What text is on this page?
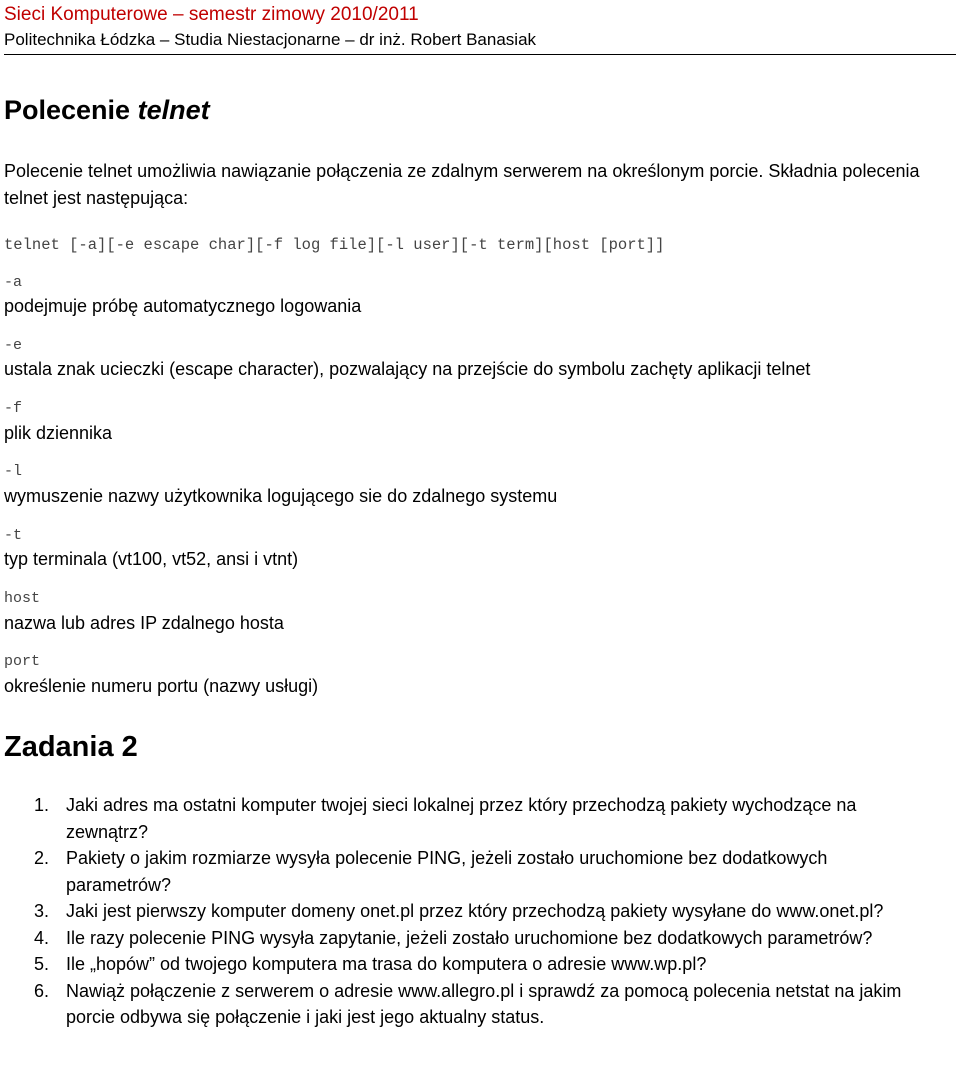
Sieci Komputerowe – semestr zimowy 2010/2011
Politechnika Łódzka – Studia Niestacjonarne – dr inż. Robert Banasiak
Polecenie telnet

Polecenie telnet umożliwia nawiązanie połączenia ze zdalnym serwerem na określonym porcie. Składnia polecenia telnet jest następująca:

telnet [-a][-e escape char][-f log file][-l user][-t term][host [port]]
-a
podejmuje próbę automatycznego logowania
-e
ustala znak ucieczki (escape character), pozwalający na przejście do symbolu zachęty aplikacji telnet
-f
plik dziennika
-l
wymuszenie nazwy użytkownika logującego sie do zdalnego systemu
-t
typ terminala (vt100, vt52, ansi i vtnt)
host
nazwa lub adres IP zdalnego hosta
port
określenie numeru portu (nazwy usługi)
Zadania 2
1. Jaki adres ma ostatni komputer twojej sieci lokalnej przez który przechodzą pakiety wychodzące na zewnątrz?
2. Pakiety o jakim rozmiarze wysyła polecenie PING, jeżeli zostało uruchomione bez dodatkowych parametrów?
3. Jaki jest pierwszy komputer domeny onet.pl przez który przechodzą pakiety wysyłane do www.onet.pl?
4. Ile razy polecenie PING wysyła zapytanie, jeżeli zostało uruchomione bez dodatkowych parametrów?
5. Ile „hopów” od twojego komputera ma trasa do komputera o adresie www.wp.pl?
6. Nawiąż połączenie z serwerem o adresie www.allegro.pl i sprawdź za pomocą polecenia netstat na jakim porcie odbywa się połączenie i jaki jest jego aktualny status.
